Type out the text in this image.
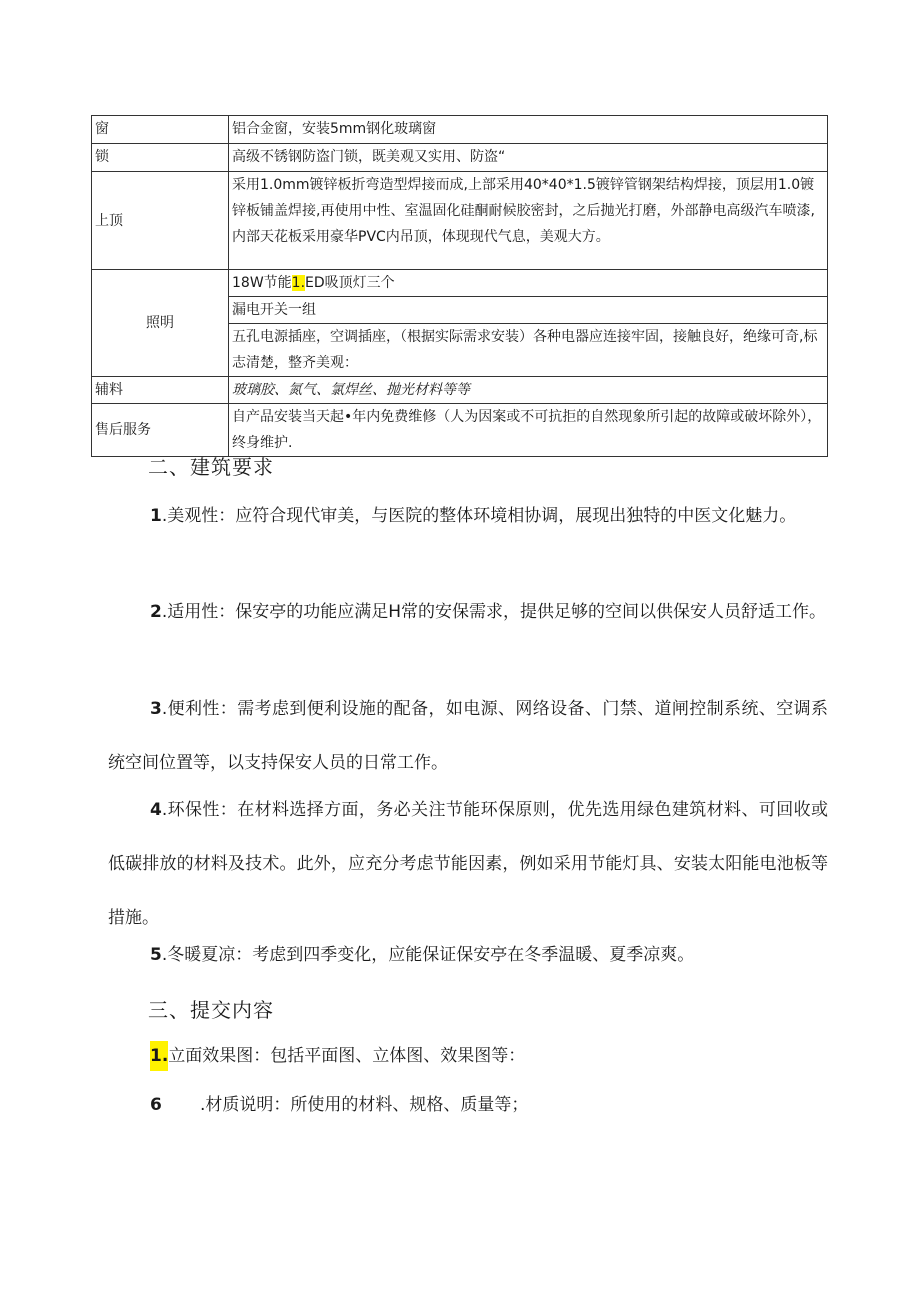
窗	铝合金窗，安装5mm钢化玻璃窗
锁	高级不锈钢防盗门锁，既美观又实用、防盗“
上顶	采用1.0mm镀锌板折弯造型焊接而成,上部采用40*40*1.5镀锌管钢架结构焊接，顶层用1.0镀锌板铺盖焊接,再使用中性、室温固化硅酮耐候胶密封，之后抛光打磨，外部静电高级汽车喷漆,内部天花板采用豪华PVC内吊顶，体现现代气息，美观大方。
照明	18W节能1.ED吸顶灯三个
	漏电开关一组
	五孔电源插座，空调插座，（根据实际需求安装）各种电器应连接牢固，接触良好，绝缘可奇,标志清楚，整齐美观：
辅料	玻璃胶、氮气、氯焊丝、抛光材料等等
售后服务	自产品安装当天起•年内免费维修（人为因案或不可抗拒的自然现象所引起的故障或破坏除外），终身维护.
二、建筑要求

1.美观性：应符合现代审美，与医院的整体环境相协调，展现出独特的中医文化魅力。

2.适用性：保安亭的功能应满足H常的安保需求，提供足够的空间以供保安人员舒适工作。

3.便利性：需考虑到便利设施的配备，如电源、网络设备、门禁、道闸控制系统、空调系统空间位置等，以支持保安人员的日常工作。

4.环保性：在材料选择方面，务必关注节能环保原则，优先选用绿色建筑材料、可回收或低碳排放的材料及技术。此外，应充分考虑节能因素，例如采用节能灯具、安装太阳能电池板等措施。

5.冬暖夏凉：考虑到四季变化，应能保证保安亭在冬季温暖、夏季凉爽。

三、提交内容

1.立面效果图：包括平面图、立体图、效果图等：

6 .材质说明：所使用的材料、规格、质量等；
